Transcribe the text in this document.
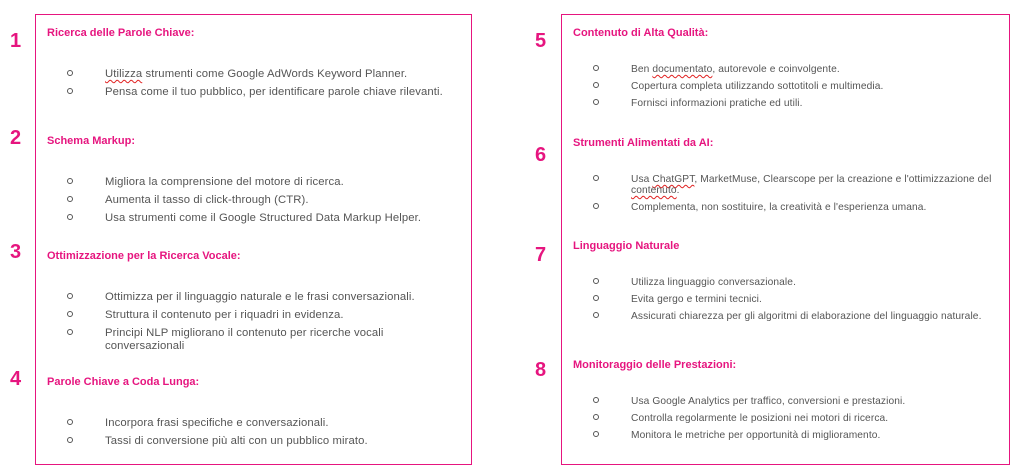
1
2
3
4
5
6
7
8
Ricerca delle Parole Chiave:
Utilizza strumenti come Google AdWords Keyword Planner.
Pensa come il tuo pubblico, per identificare parole chiave rilevanti.
Schema Markup:
Migliora la comprensione del motore di ricerca.
Aumenta il tasso di click-through (CTR).
Usa strumenti come il Google Structured Data Markup Helper.
Ottimizzazione per la Ricerca Vocale:
Ottimizza per il linguaggio naturale e le frasi conversazionali.
Struttura il contenuto per i riquadri in evidenza.
Principi NLP migliorano il contenuto per ricerche vocali conversazionali
Parole Chiave a Coda Lunga:
Incorpora frasi specifiche e conversazionali.
Tassi di conversione più alti con un pubblico mirato.
Contenuto di Alta Qualità:
Ben documentato, autorevole e coinvolgente.
Copertura completa utilizzando sottotitoli e multimedia.
Fornisci informazioni pratiche ed utili.
Strumenti Alimentati da AI:
Usa ChatGPT, MarketMuse, Clearscope per la creazione e l'ottimizzazione del contenuto.
Complementa, non sostituire, la creatività e l'esperienza umana.
Linguaggio Naturale
Utilizza linguaggio conversazionale.
Evita gergo e termini tecnici.
Assicurati chiarezza per gli algoritmi di elaborazione del linguaggio naturale.
Monitoraggio delle Prestazioni:
Usa Google Analytics per traffico, conversioni e prestazioni.
Controlla regolarmente le posizioni nei motori di ricerca.
Monitora le metriche per opportunità di miglioramento.
